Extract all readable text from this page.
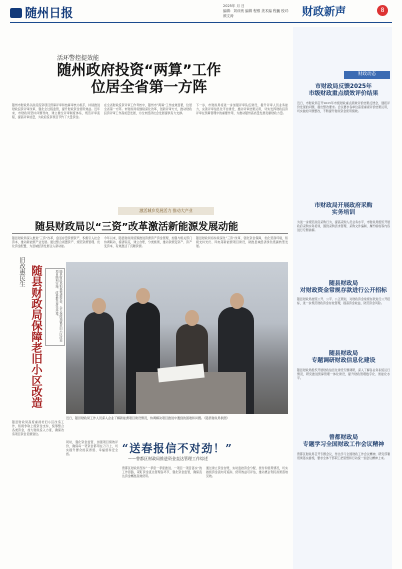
随州日报	2025年 月 日
编辑：刘训贵 编辑 程维 美术编 程巍 校对：颜文涛	财政新声	8
活环警控提效能
随州政府投资“两算”工作
位居全省第一方阵
随州市财政局以政府投资项目预算评审和结算审核为抓手，持续推进财政投资评审改革，强化全过程监管，提升财政资金使用效益。近年来，市财政局坚持问题导向，建立健全评审制度体系，规范评审流程，提高评审质量，为政府投资项目节约了大量资金。
在全省财政投资评审工作考核中，随州市“两算”工作成效显著，位居全省第一方阵。市财政局将继续深化改革，创新评审方式，推动财政投资评审工作高质量发展，为全市经济社会发展提供有力支撑。
下一步，市财政局将进一步加强评审队伍建设，提升评审人员业务能力，完善评审信息化平台建设，推动评审结果运用，切实发挥财政投资评审在预算管理中的重要作用，为推动随州高质量发展贡献财政力量。
激活城乡发展活力 推动大产业
随县财政局以“三资”改革激活新能源发展动能
随县财政局深入推进“三资”改革，盘活存量资源资产，积极引入社会资本，推动新能源产业发展。通过整合闲置资产、规范资源管理、优化资金配置，为县域经济发展注入新动能。
今年以来，随县财政局统筹推进资源资产资金管理，加强与相关部门协调联动，摸清家底，建立台账，分类施策，推动资源变资产、资产变资本，有效激活了沉睡资源。
随县财政局将持续深化“三资”改革，强化资金保障，优化营商环境，积极支持光伏、风电等新能源项目建设，助推县域经济绿色低碳转型发展。
旧改惠民生 随县财政局保障老旧小区改造	随县财政局积极筹措资金，全力保障城镇老旧小区改造项目顺利实施，改善群众居住环境。
随县财政局高度重视老旧小区改造工作，积极争取上级资金支持，统筹整合各类资金，加大财政投入力度，确保改造项目资金足额到位。
同时，强化资金监管，加强项目绩效评价，确保每一笔资金都用在刀刃上，切实提升群众的获得感、幸福感和安全感。
近日，随县财政局工作人员深入企业了解新能源项目建设情况，协调解决项目推进中遇到的困难和问题。（随县财政局供图）
“送春报信不对劲！”
——曾都区财政局推进资金直达管理工作综述
曾都区财政局坚持“一季度一季度推进、一项目一项目落实”的工作思路，紧盯资金直达管理各环节，强化资金监管，确保直达资金精准高效使用。
通过建立资金台账，实时监控资金分配、拨付和使用情况，切实做到资金流向可追踪、使用效益可评估，推动惠企利民政策落地见效。
财政动态
市财政局反馈2025年
市级财政重点绩效评价结果
近日，市财政局召开2025年市级财政重点绩效评价结果反馈会，通报评价发现的问题，提出整改要求。会议要求各单位高度重视评价结果运用，切实做好问题整改，不断提升财政资金使用绩效。
市财政局开展政府采购
实务培训
为进一步规范政府采购行为，提高采购人员业务水平，市财政局组织开展政府采购实务培训，围绕采购需求管理、采购文件编制、履约验收等内容进行专题讲解。
随县财政局
对财政资金常规存款进行公开招标
随县财政局按照公开、公平、公正原则，对财政资金常规存款进行公开招标，进一步规范财政资金存放管理，提高资金收益，防范资金风险。
随县财政局
专题调研财政信息化建设
随县财政局组织开展财政信息化建设专题调研，深入了解各业务系统运行情况，研究推进预算管理一体化建设，提升财政管理数字化、智能化水平。
曾都财政局
专题学习全国财政工作会议精神
曾都区财政局召开专题会议，传达学习全国财政工作会议精神，研究部署贯彻落实措施，要求全体干部职工把思想和行动统一到会议精神上来。
